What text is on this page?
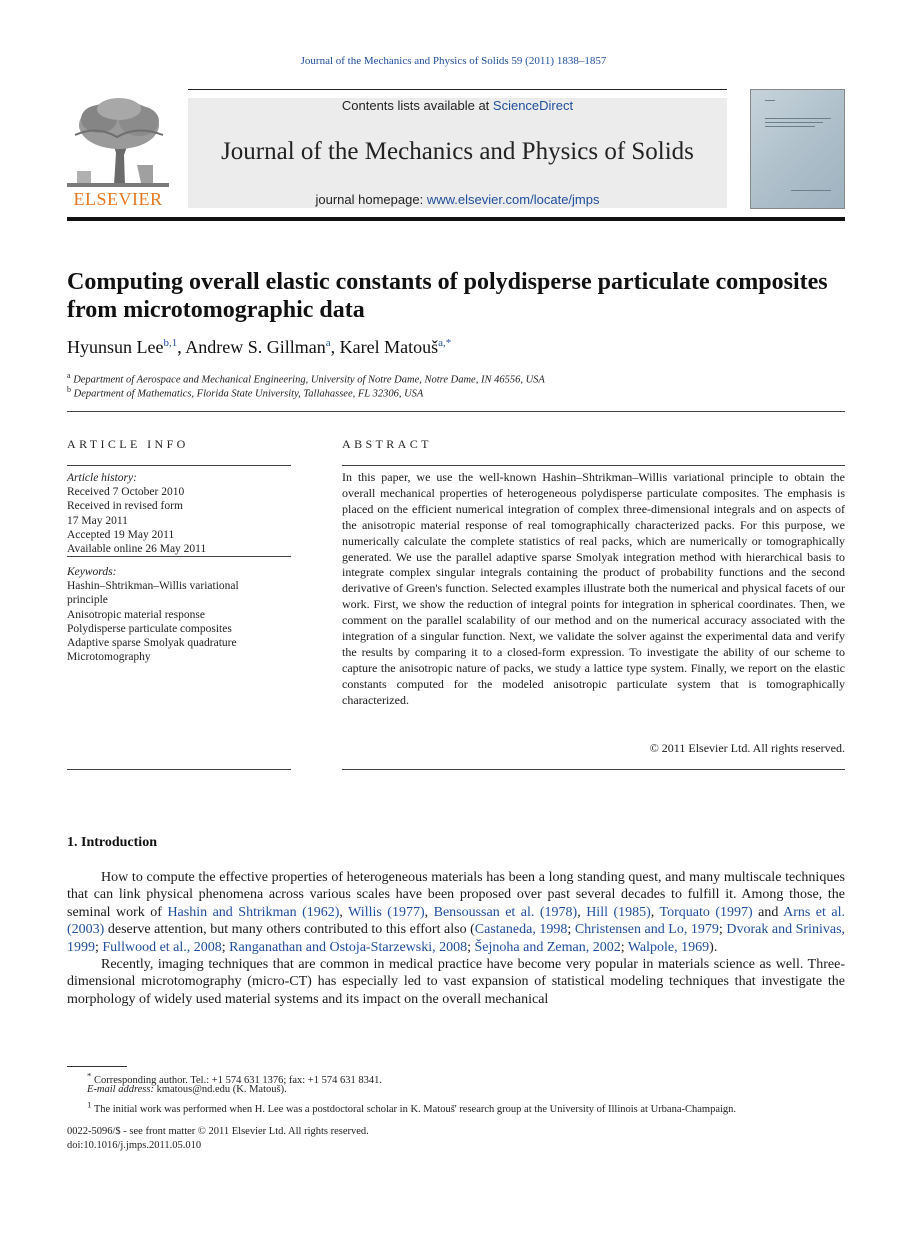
Journal of the Mechanics and Physics of Solids 59 (2011) 1838–1857
ELSEVIER
Contents lists available at ScienceDirect
Journal of the Mechanics and Physics of Solids
journal homepage: www.elsevier.com/locate/jmps
Computing overall elastic constants of polydisperse particulate composites from microtomographic data
Hyunsun Lee$^{b,1}$, Andrew S. Gillman$^a$, Karel Matouš$^{a,*}$
$^a$ Department of Aerospace and Mechanical Engineering, University of Notre Dame, Notre Dame, IN 46556, USA
$^b$ Department of Mathematics, Florida State University, Tallahassee, FL 32306, USA
ARTICLE INFO	ABSTRACT
Article history:
Received 7 October 2010
Received in revised form
17 May 2011
Accepted 19 May 2011
Available online 26 May 2011
Keywords:
Hashin–Shtrikman–Willis variational
principle
Anisotropic material response
Polydisperse particulate composites
Adaptive sparse Smolyak quadrature
Microtomography
In this paper, we use the well-known Hashin–Shtrikman–Willis variational principle to obtain the overall mechanical properties of heterogeneous polydisperse particulate composites. The emphasis is placed on the efficient numerical integration of complex three-dimensional integrals and on aspects of the anisotropic material response of real tomographically characterized packs. For this purpose, we numerically calculate the complete statistics of real packs, which are numerically or tomographically generated. We use the parallel adaptive sparse Smolyak integration method with hierarchical basis to integrate complex singular integrals containing the product of probability functions and the second derivative of Green's function. Selected examples illustrate both the numerical and physical facets of our work. First, we show the reduction of integral points for integration in spherical coordinates. Then, we comment on the parallel scalability of our method and on the numerical accuracy associated with the integration of a singular function. Next, we validate the solver against the experimental data and verify the results by comparing it to a closed-form expression. To investigate the ability of our scheme to capture the anisotropic nature of packs, we study a lattice type system. Finally, we report on the elastic constants computed for the modeled anisotropic particulate system that is tomographically characterized.
© 2011 Elsevier Ltd. All rights reserved.
1. Introduction

How to compute the effective properties of heterogeneous materials has been a long standing quest, and many multiscale techniques that can link physical phenomena across various scales have been proposed over past several decades to fulfill it. Among those, the seminal work of Hashin and Shtrikman (1962), Willis (1977), Bensoussan et al. (1978), Hill (1985), Torquato (1997) and Arns et al. (2003) deserve attention, but many others contributed to this effort also (Castaneda, 1998; Christensen and Lo, 1979; Dvorak and Srinivas, 1999; Fullwood et al., 2008; Ranganathan and Ostoja-Starzewski, 2008; Šejnoha and Zeman, 2002; Walpole, 1969).

Recently, imaging techniques that are common in medical practice have become very popular in materials science as well. Three-dimensional microtomography (micro-CT) has especially led to vast expansion of statistical modeling techniques that investigate the morphology of widely used material systems and its impact on the overall mechanical

* Corresponding author. Tel.: +1 574 631 1376; fax: +1 574 631 8341.
E-mail address: kmatous@nd.edu (K. Matouš).
$^1$ The initial work was performed when H. Lee was a postdoctoral scholar in K. Matouš' research group at the University of Illinois at Urbana-Champaign.
0022-5096/$ - see front matter © 2011 Elsevier Ltd. All rights reserved.
doi:10.1016/j.jmps.2011.05.010
